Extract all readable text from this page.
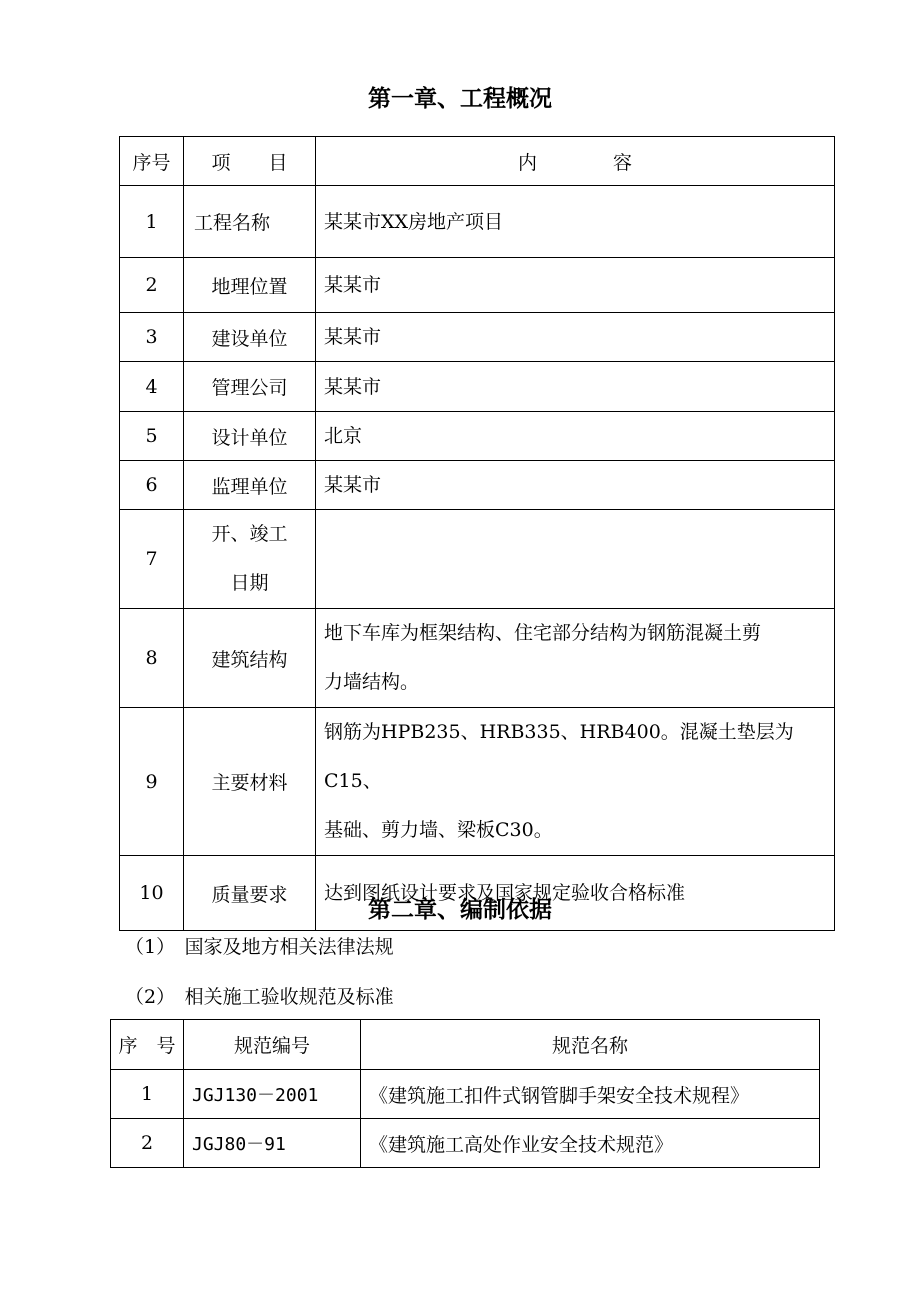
第一章、工程概况
序号	项　　目	内　　　　容
1	工程名称	某某市XX房地产项目
2	地理位置	某某市
3	建设单位	某某市
4	管理公司	某某市
5	设计单位	北京
6	监理单位	某某市
7	开、竣工
日期	

8	建筑结构	地下车库为框架结构、住宅部分结构为钢筋混凝土剪
力墙结构。

9	主要材料	钢筋为HPB235、HRB335、HRB400。混凝土垫层为C15、
基础、剪力墙、梁板C30。

10	质量要求	达到图纸设计要求及国家规定验收合格标准
第二章、编制依据

（1）　国家及地方相关法律法规

（2）　相关施工验收规范及标准

序　号	规范编号	规范名称
1	JGJ130－2001	《建筑施工扣件式钢管脚手架安全技术规程》
2	JGJ80－91	《建筑施工高处作业安全技术规范》
